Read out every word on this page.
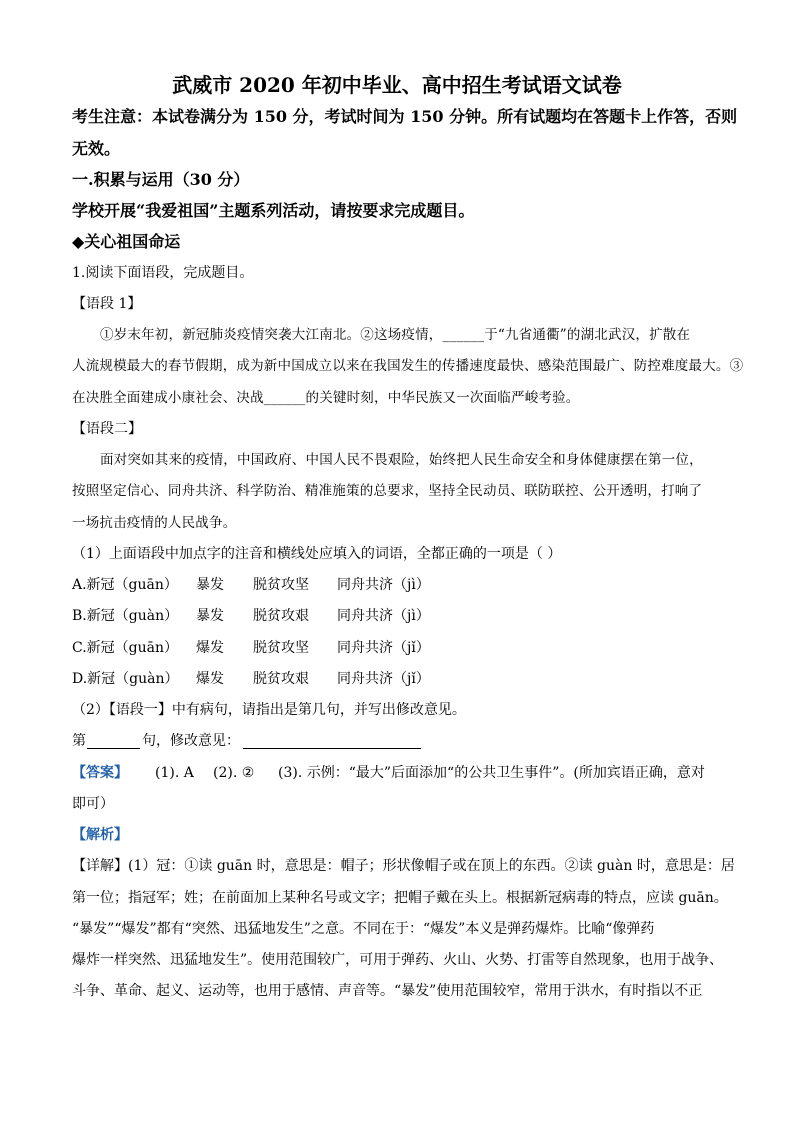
武威市 2020 年初中毕业、高中招生考试语文试卷
考生注意：本试卷满分为 150 分，考试时间为 150 分钟。所有试题均在答题卡上作答，否则
无效。
一.积累与运用（30 分）
学校开展“我爱祖国”主题系列活动，请按要求完成题目。
◆关心祖国命运
1.阅读下面语段，完成题目。
【语段 1】
①岁末年初，新冠肺炎疫情突袭大江南北。②这场疫情，______于“九省通衢”的湖北武汉，扩散在
人流规模最大的春节假期，成为新中国成立以来在我国发生的传播速度最快、感染范围最广、防控难度最大。③
在决胜全面建成小康社会、决战______的关键时刻，中华民族又一次面临严峻考验。
【语段二】
面对突如其来的疫情，中国政府、中国人民不畏艰险，始终把人民生命安全和身体健康摆在第一位，
按照坚定信心、同舟共济、科学防治、精准施策的总要求，坚持全民动员、联防联控、公开透明，打响了
一场抗击疫情的人民战争。
（1）上面语段中加点字的注音和横线处应填入的词语，全都正确的一项是（ ）
A.新冠（guān） 暴发 脱贫攻坚 同舟共济（jì）
B.新冠（guàn） 暴发 脱贫攻艰 同舟共济（jì）
C.新冠（guān） 爆发 脱贫攻坚 同舟共济（jǐ）
D.新冠（guàn） 爆发 脱贫攻艰 同舟共济（jǐ）
（2）【语段一】中有病句，请指出是第几句，并写出修改意见。
第	句，修改意见：
【答案】 (1). A (2). ② (3). 示例：“最大”后面添加“的公共卫生事件”。(所加宾语正确，意对
即可）
【解析】
【详解】(1）冠：①读 guān 时，意思是：帽子；形状像帽子或在顶上的东西。②读 guàn 时，意思是：居
第一位；指冠军；姓；在前面加上某种名号或文字；把帽子戴在头上。根据新冠病毒的特点，应读 guān。
“暴发”“爆发”都有“突然、迅猛地发生”之意。不同在于：“爆发”本义是弹药爆炸。比喻“像弹药
爆炸一样突然、迅猛地发生”。使用范围较广，可用于弹药、火山、火势、打雷等自然现象，也用于战争、
斗争、革命、起义、运动等，也用于感情、声音等。“暴发”使用范围较窄，常用于洪水，有时指以不正
